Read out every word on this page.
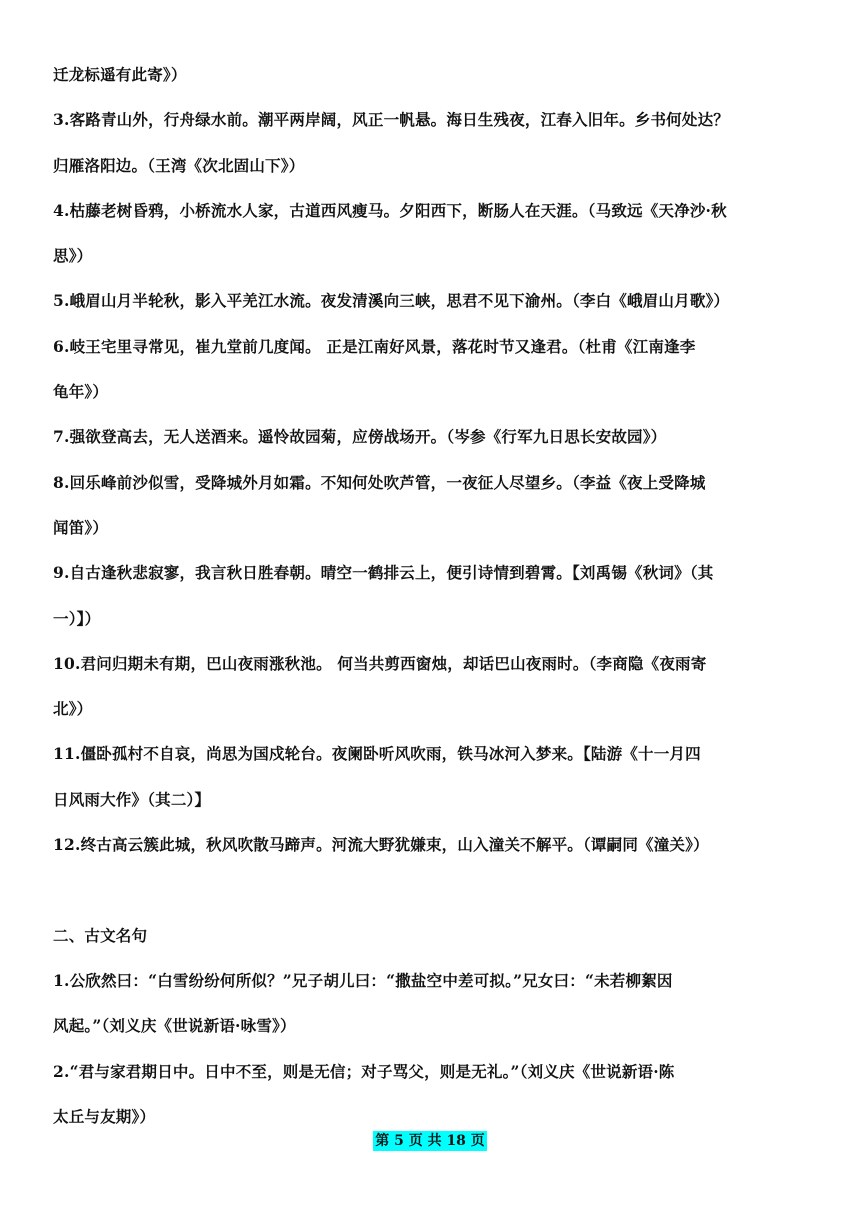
迁龙标遥有此寄》）
3.客路青山外，行舟绿水前。潮平两岸阔，风正一帆悬。海日生残夜，江春入旧年。乡书何处达？
归雁洛阳边。（王湾《次北固山下》）
4.枯藤老树昏鸦，小桥流水人家，古道西风瘦马。夕阳西下，断肠人在天涯。（马致远《天净沙·秋
思》）
5.峨眉山月半轮秋，影入平羌江水流。夜发清溪向三峡，思君不见下渝州。（李白《峨眉山月歌》）
6.岐王宅里寻常见，崔九堂前几度闻。 正是江南好风景，落花时节又逢君。（杜甫《江南逢李
龟年》）
7.强欲登高去，无人送酒来。遥怜故园菊，应傍战场开。（岑参《行军九日思长安故园》）
8.回乐峰前沙似雪，受降城外月如霜。不知何处吹芦管，一夜征人尽望乡。（李益《夜上受降城
闻笛》）
9.自古逢秋悲寂寥，我言秋日胜春朝。晴空一鹤排云上，便引诗情到碧霄。【刘禹锡《秋词》（其
一）】）
10.君问归期未有期，巴山夜雨涨秋池。 何当共剪西窗烛，却话巴山夜雨时。（李商隐《夜雨寄
北》）
11.僵卧孤村不自哀，尚思为国戍轮台。夜阑卧听风吹雨，铁马冰河入梦来。【陆游《十一月四
日风雨大作》（其二）】
12.终古高云簇此城，秋风吹散马蹄声。河流大野犹嫌束，山入潼关不解平。（谭嗣同《潼关》）
二、古文名句
1.公欣然曰：“白雪纷纷何所似？”兄子胡儿曰：“撒盐空中差可拟。”兄女曰：“未若柳絮因
风起。”（刘义庆《世说新语·咏雪》）
2.“君与家君期日中。日中不至，则是无信；对子骂父，则是无礼。”（刘义庆《世说新语·陈
太丘与友期》）
第 5 页 共 18 页
